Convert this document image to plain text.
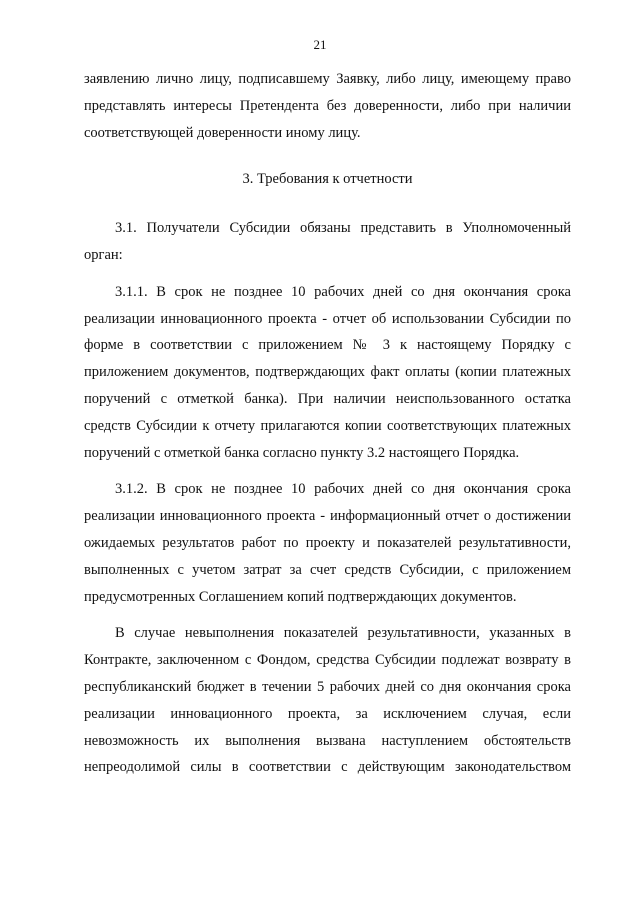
21

заявлению лично лицу, подписавшему Заявку, либо лицу, имеющему право представлять интересы Претендента без доверенности, либо при наличии соответствующей доверенности иному лицу.

3. Требования к отчетности

3.1. Получатели Субсидии обязаны представить в Уполномоченный орган:

3.1.1. В срок не позднее 10 рабочих дней со дня окончания срока реализации инновационного проекта - отчет об использовании Субсидии по форме в соответствии с приложением № 3 к настоящему Порядку с приложением документов, подтверждающих факт оплаты (копии платежных поручений с отметкой банка). При наличии неиспользованного остатка средств Субсидии к отчету прилагаются копии соответствующих платежных поручений с отметкой банка согласно пункту 3.2 настоящего Порядка.

3.1.2. В срок не позднее 10 рабочих дней со дня окончания срока реализации инновационного проекта - информационный отчет о достижении ожидаемых результатов работ по проекту и показателей результативности, выполненных с учетом затрат за счет средств Субсидии, с приложением предусмотренных Соглашением копий подтверждающих документов.

В случае невыполнения показателей результативности, указанных в Контракте, заключенном с Фондом, средства Субсидии подлежат возврату в республиканский бюджет в течении 5 рабочих дней со дня окончания срока реализации инновационного проекта, за исключением случая, если невозможность их выполнения вызвана наступлением обстоятельств непреодолимой силы в соответствии с действующим законодательством
